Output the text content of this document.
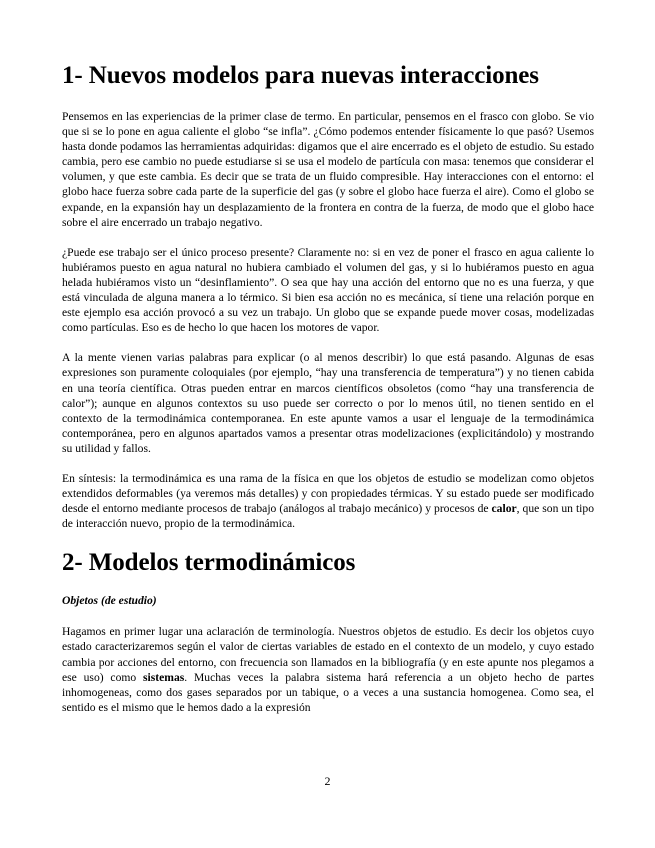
1- Nuevos modelos para nuevas interacciones

Pensemos en las experiencias de la primer clase de termo. En particular, pensemos en el frasco con globo. Se vio que si se lo pone en agua caliente el globo “se infla”. ¿Cómo podemos entender físicamente lo que pasó? Usemos hasta donde podamos las herramientas adquiridas: digamos que el aire encerrado es el objeto de estudio. Su estado cambia, pero ese cambio no puede estudiarse si se usa el modelo de partícula con masa: tenemos que considerar el volumen, y que este cambia. Es decir que se trata de un fluido compresible. Hay interacciones con el entorno: el globo hace fuerza sobre cada parte de la superficie del gas (y sobre el globo hace fuerza el aire). Como el globo se expande, en la expansión hay un desplazamiento de la frontera en contra de la fuerza, de modo que el globo hace sobre el aire encerrado un trabajo negativo.

¿Puede ese trabajo ser el único proceso presente? Claramente no: si en vez de poner el frasco en agua caliente lo hubiéramos puesto en agua natural no hubiera cambiado el volumen del gas, y si lo hubiéramos puesto en agua helada hubiéramos visto un “desinflamiento”. O sea que hay una acción del entorno que no es una fuerza, y que está vinculada de alguna manera a lo térmico. Si bien esa acción no es mecánica, sí tiene una relación porque en este ejemplo esa acción provocó a su vez un trabajo. Un globo que se expande puede mover cosas, modelizadas como partículas. Eso es de hecho lo que hacen los motores de vapor.

A la mente vienen varias palabras para explicar (o al menos describir) lo que está pasando. Algunas de esas expresiones son puramente coloquiales (por ejemplo, “hay una transferencia de temperatura”) y no tienen cabida en una teoría científica. Otras pueden entrar en marcos científicos obsoletos (como “hay una transferencia de calor”); aunque en algunos contextos su uso puede ser correcto o por lo menos útil, no tienen sentido en el contexto de la termodinámica contemporanea. En este apunte vamos a usar el lenguaje de la termodinámica contemporánea, pero en algunos apartados vamos a presentar otras modelizaciones (explicitándolo) y mostrando su utilidad y fallos.

En síntesis: la termodinámica es una rama de la física en que los objetos de estudio se modelizan como objetos extendidos deformables (ya veremos más detalles) y con propiedades térmicas. Y su estado puede ser modificado desde el entorno mediante procesos de trabajo (análogos al trabajo mecánico) y procesos de calor, que son un tipo de interacción nuevo, propio de la termodinámica.

2- Modelos termodinámicos
Objetos (de estudio)

Hagamos en primer lugar una aclaración de terminología. Nuestros objetos de estudio. Es decir los objetos cuyo estado caracterizaremos según el valor de ciertas variables de estado en el contexto de un modelo, y cuyo estado cambia por acciones del entorno, con frecuencia son llamados en la bibliografía (y en este apunte nos plegamos a ese uso) como sistemas. Muchas veces la palabra sistema hará referencia a un objeto hecho de partes inhomogeneas, como dos gases separados por un tabique, o a veces a una sustancia homogenea. Como sea, el sentido es el mismo que le hemos dado a la expresión

2
